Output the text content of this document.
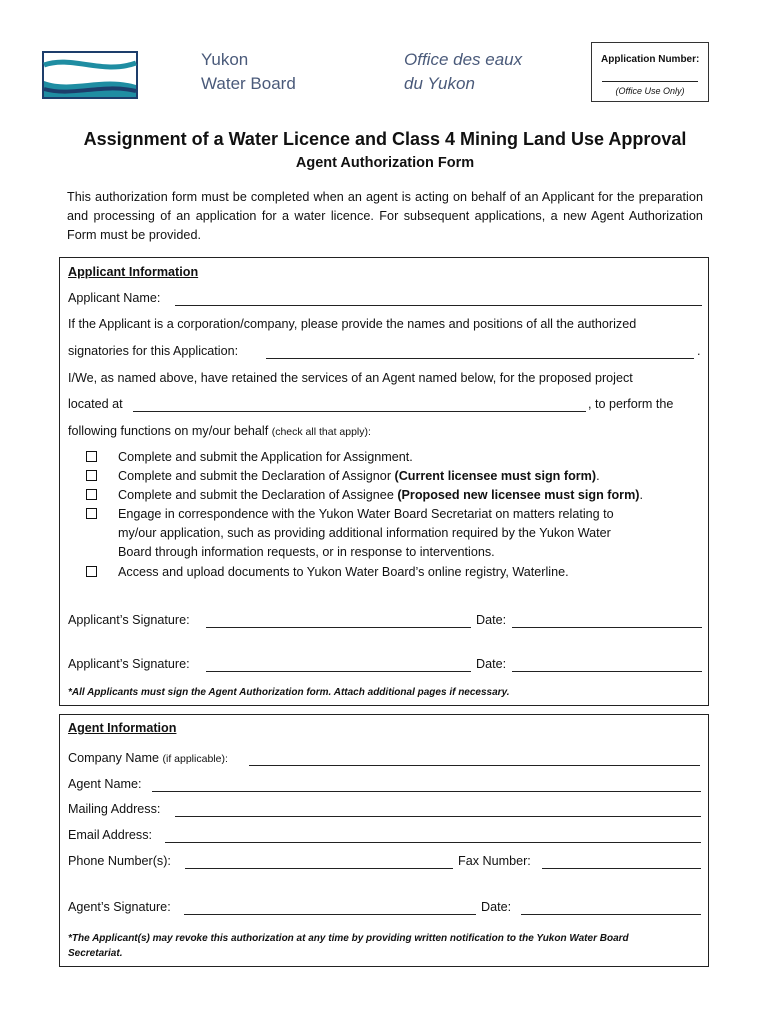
Yukon
Water Board
Office des eaux
du Yukon
Application Number:
(Office Use Only)
Assignment of a Water Licence and Class 4 Mining Land Use Approval
Agent Authorization Form
This authorization form must be completed when an agent is acting on behalf of an Applicant for the preparation and processing of an application for a water licence. For subsequent applications, a new Agent Authorization Form must be provided.
Applicant Information
Applicant Name:
If the Applicant is a corporation/company, please provide the names and positions of all the authorized
signatories for this Application:	.
I/We, as named above, have retained the services of an Agent named below, for the proposed project
located at	, to perform the
following functions on my/our behalf (check all that apply):
Complete and submit the Application for Assignment.
Complete and submit the Declaration of Assignor (Current licensee must sign form).
Complete and submit the Declaration of Assignee (Proposed new licensee must sign form).
Engage in correspondence with the Yukon Water Board Secretariat on matters relating to
my/our application, such as providing additional information required by the Yukon Water
Board through information requests, or in response to interventions.
Access and upload documents to Yukon Water Board’s online registry, Waterline.
Applicant’s Signature:	Date:
Applicant’s Signature:	Date:
*All Applicants must sign the Agent Authorization form. Attach additional pages if necessary.
Agent Information
Company Name (if applicable):
Agent Name:
Mailing Address:
Email Address:
Phone Number(s):	Fax Number:
Agent’s Signature:	Date:
*The Applicant(s) may revoke this authorization at any time by providing written notification to the Yukon Water Board
Secretariat.
